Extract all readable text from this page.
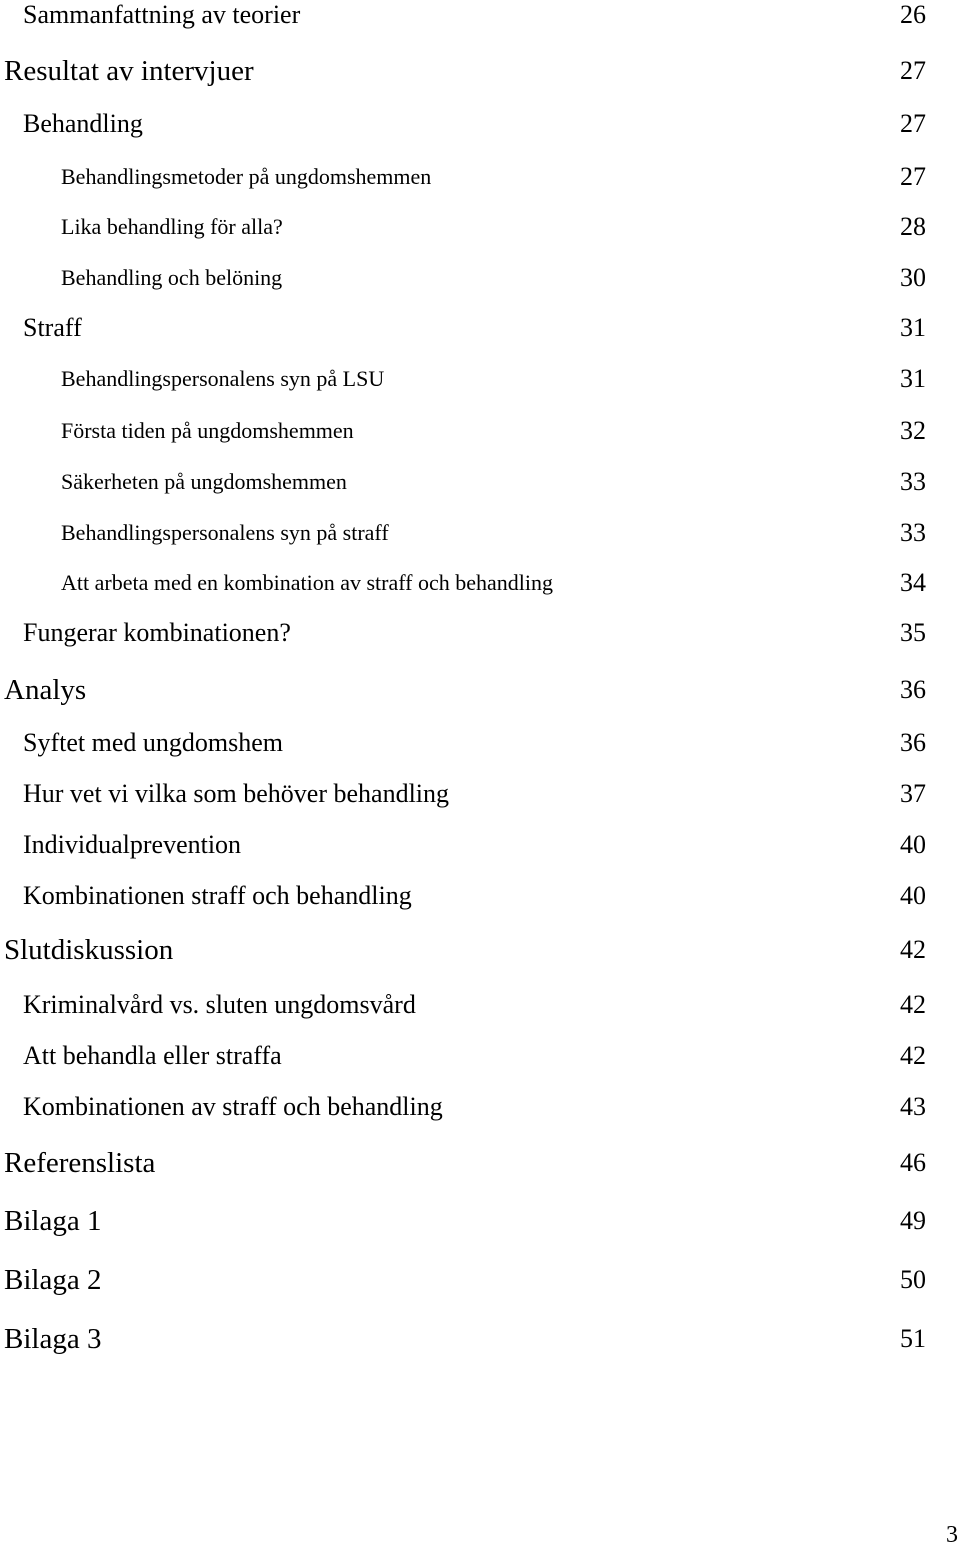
Sammanfattning av teorier	26
Resultat av intervjuer	27
Behandling	27
Behandlingsmetoder på ungdomshemmen	27
Lika behandling för alla?	28
Behandling och belöning	30
Straff	31
Behandlingspersonalens syn på LSU	31
Första tiden på ungdomshemmen	32
Säkerheten på ungdomshemmen	33
Behandlingspersonalens syn på straff	33
Att arbeta med en kombination av straff och behandling	34
Fungerar kombinationen?	35
Analys	36
Syftet med ungdomshem	36
Hur vet vi vilka som behöver behandling	37
Individualprevention	40
Kombinationen straff och behandling	40
Slutdiskussion	42
Kriminalvård vs. sluten ungdomsvård	42
Att behandla eller straffa	42
Kombinationen av straff och behandling	43
Referenslista	46
Bilaga 1	49
Bilaga 2	50
Bilaga 3	51
3
